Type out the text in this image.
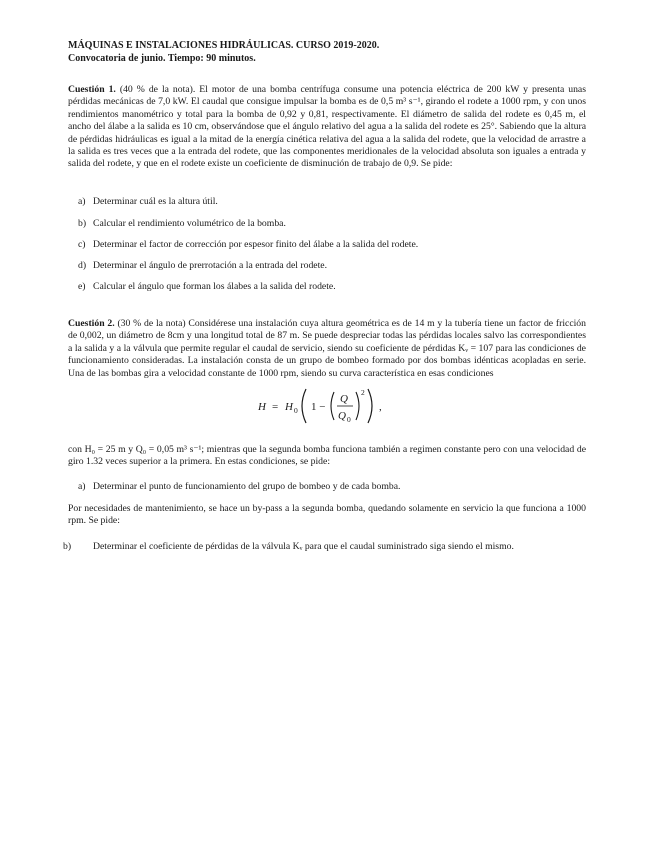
MÁQUINAS E INSTALACIONES HIDRÁULICAS. CURSO 2019-2020.
Convocatoria de junio. Tiempo: 90 minutos.
Cuestión 1. (40 % de la nota). El motor de una bomba centrífuga consume una potencia eléctrica de 200 kW y presenta unas pérdidas mecánicas de 7,0 kW. El caudal que consigue impulsar la bomba es de 0,5 m³ s⁻¹, girando el rodete a 1000 rpm, y con unos rendimientos manométrico y total para la bomba de 0,92 y 0,81, respectivamente. El diámetro de salida del rodete es 0,45 m, el ancho del álabe a la salida es 10 cm, observándose que el ángulo relativo del agua a la salida del rodete es 25°. Sabiendo que la altura de pérdidas hidráulicas es igual a la mitad de la energía cinética relativa del agua a la salida del rodete, que la velocidad de arrastre a la salida es tres veces que a la entrada del rodete, que las componentes meridionales de la velocidad absoluta son iguales a entrada y salida del rodete, y que en el rodete existe un coeficiente de disminución de trabajo de 0,9. Se pide:
a) Determinar cuál es la altura útil.
b) Calcular el rendimiento volumétrico de la bomba.
c) Determinar el factor de corrección por espesor finito del álabe a la salida del rodete.
d) Determinar el ángulo de prerrotación a la entrada del rodete.
e) Calcular el ángulo que forman los álabes a la salida del rodete.
Cuestión 2. (30 % de la nota) Considérese una instalación cuya altura geométrica es de 14 m y la tubería tiene un factor de fricción de 0,002, un diámetro de 8cm y una longitud total de 87 m. Se puede despreciar todas las pérdidas locales salvo las correspondientes a la salida y a la válvula que permite regular el caudal de servicio, siendo su coeficiente de pérdidas Kᵥ = 107 para las condiciones de funcionamiento consideradas. La instalación consta de un grupo de bombeo formado por dos bombas idénticas acopladas en serie. Una de las bombas gira a velocidad constante de 1000 rpm, siendo su curva característica en esas condiciones
H = H 0 1 −
Q
Q 0
2
,
con H₀ = 25 m y Q₀ = 0,05 m³ s⁻¹; mientras que la segunda bomba funciona también a regimen constante pero con una velocidad de giro 1.32 veces superior a la primera. En estas condiciones, se pide:
a) Determinar el punto de funcionamiento del grupo de bombeo y de cada bomba.
Por necesidades de mantenimiento, se hace un by-pass a la segunda bomba, quedando solamente en servicio la que funciona a 1000 rpm. Se pide:
b) Determinar el coeficiente de pérdidas de la válvula Kᵥ para que el caudal suministrado siga siendo el mismo.
